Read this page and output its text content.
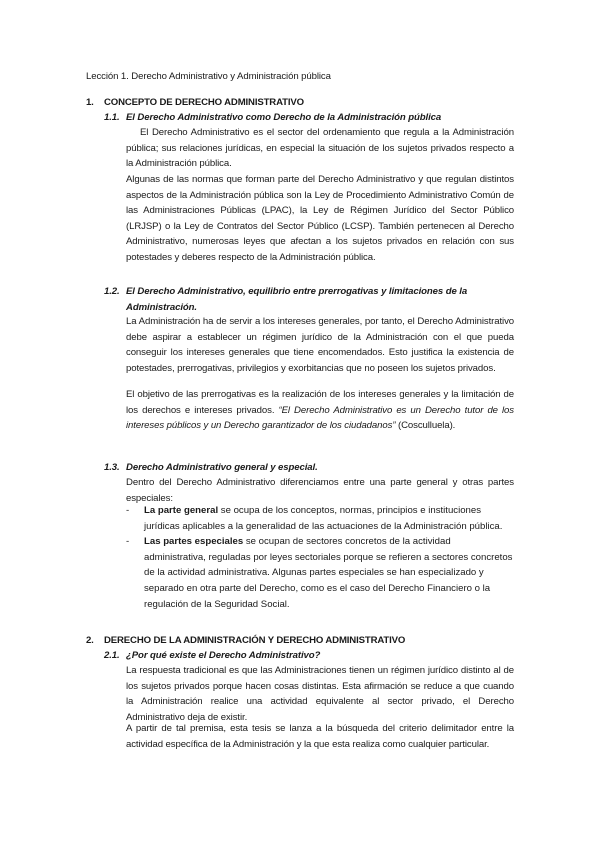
Lección 1. Derecho Administrativo y Administración pública
1. CONCEPTO DE DERECHO ADMINISTRATIVO
1.1. El Derecho Administrativo como Derecho de la Administración pública
El Derecho Administrativo es el sector del ordenamiento que regula a la Administración pública; sus relaciones jurídicas, en especial la situación de los sujetos privados respecto a la Administración pública.
Algunas de las normas que forman parte del Derecho Administrativo y que regulan distintos aspectos de la Administración pública son la Ley de Procedimiento Administrativo Común de las Administraciones Públicas (LPAC), la Ley de Régimen Jurídico del Sector Público (LRJSP) o la Ley de Contratos del Sector Público (LCSP). También pertenecen al Derecho Administrativo, numerosas leyes que afectan a los sujetos privados en relación con sus potestades y deberes respecto de la Administración pública.
1.2. El Derecho Administrativo, equilibrio entre prerrogativas y limitaciones de la
Administración.
La Administración ha de servir a los intereses generales, por tanto, el Derecho Administrativo debe aspirar a establecer un régimen jurídico de la Administración con el que pueda conseguir los intereses generales que tiene encomendados. Esto justifica la existencia de potestades, prerrogativas, privilegios y exorbitancias que no poseen los sujetos privados.
El objetivo de las prerrogativas es la realización de los intereses generales y la limitación de los derechos e intereses privados. “El Derecho Administrativo es un Derecho tutor de los intereses públicos y un Derecho garantizador de los ciudadanos” (Cosculluela).
1.3. Derecho Administrativo general y especial.
Dentro del Derecho Administrativo diferenciamos entre una parte general y otras partes especiales:
- La parte general se ocupa de los conceptos, normas, principios e instituciones jurídicas aplicables a la generalidad de las actuaciones de la Administración pública.
- Las partes especiales se ocupan de sectores concretos de la actividad administrativa, reguladas por leyes sectoriales porque se refieren a sectores concretos de la actividad administrativa. Algunas partes especiales se han especializado y separado en otra parte del Derecho, como es el caso del Derecho Financiero o la regulación de la Seguridad Social.
2. DERECHO DE LA ADMINISTRACIÓN Y DERECHO ADMINISTRATIVO
2.1. ¿Por qué existe el Derecho Administrativo?
La respuesta tradicional es que las Administraciones tienen un régimen jurídico distinto al de los sujetos privados porque hacen cosas distintas. Esta afirmación se reduce a que cuando la Administración realice una actividad equivalente al sector privado, el Derecho Administrativo deja de existir.
A partir de tal premisa, esta tesis se lanza a la búsqueda del criterio delimitador entre la actividad específica de la Administración y la que esta realiza como cualquier particular.
